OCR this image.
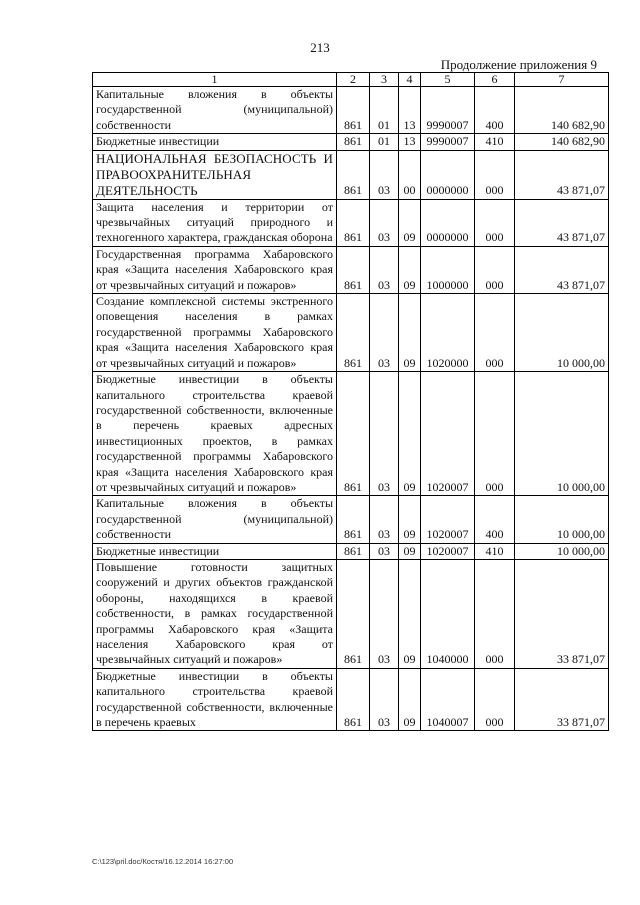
213
Продолжение приложения 9
1	2	3	4	5	6	7
Капитальные вложения в объекты государственной (муниципальной) собственности	861	01	13	9990007	400	140 682,90
Бюджетные инвестиции	861	01	13	9990007	410	140 682,90
НАЦИОНАЛЬНАЯ БЕЗОПАСНОСТЬ И ПРАВООХРАНИТЕЛЬНАЯ ДЕЯТЕЛЬНОСТЬ	861	03	00	0000000	000	43 871,07
Защита населения и территории от чрезвычайных ситуаций природного и техногенного характера, гражданская оборона	861	03	09	0000000	000	43 871,07
Государственная программа Хабаровского края «Защита населения Хабаровского края от чрезвычайных ситуаций и пожаров»	861	03	09	1000000	000	43 871,07
Создание комплексной системы экстренного оповещения населения в рамках государственной программы Хабаровского края «Защита населения Хабаровского края от чрезвычайных ситуаций и пожаров»	861	03	09	1020000	000	10 000,00
Бюджетные инвестиции в объекты капитального строительства краевой государственной собственности, включенные в перечень краевых адресных инвестиционных проектов, в рамках государственной программы Хабаровского края «Защита населения Хабаровского края от чрезвычайных ситуаций и пожаров»	861	03	09	1020007	000	10 000,00
Капитальные вложения в объекты государственной (муниципальной) собственности	861	03	09	1020007	400	10 000,00
Бюджетные инвестиции	861	03	09	1020007	410	10 000,00
Повышение готовности защитных сооружений и других объектов гражданской обороны, находящихся в краевой собственности, в рамках государственной программы Хабаровского края «Защита населения Хабаровского края от чрезвычайных ситуаций и пожаров»	861	03	09	1040000	000	33 871,07
Бюджетные инвестиции в объекты капитального строительства краевой государственной собственности, включенные в перечень краевых	861	03	09	1040007	000	33 871,07
C:\123\pril.doc/Костя/16.12.2014 16:27:00
